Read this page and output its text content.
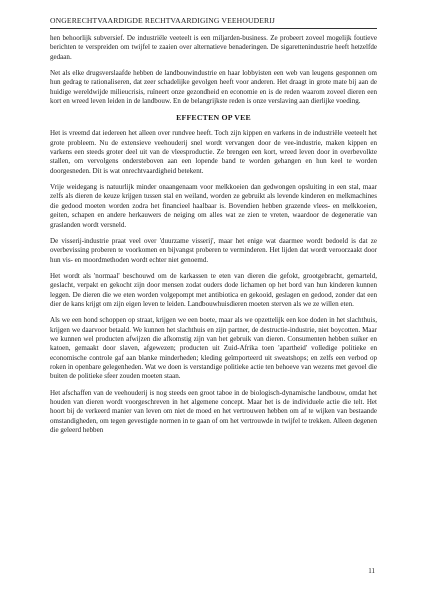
ONGERECHTVAARDIGDE RECHTVAARDIGING VEEHOUDERIJ

hen behoorlijk subversief. De industriële veeteelt is een miljarden-business. Ze probeert zoveel mogelijk foutieve berichten te verspreiden om twijfel te zaaien over alternatieve benaderingen. De sigarettenindustrie heeft hetzelfde gedaan.

Net als elke drugsverslaafde hebben de landbouwindustrie en haar lobbyisten een web van leugens gesponnen om hun gedrag te rationaliseren, dat zeer schadelijke gevolgen heeft voor anderen. Het draagt in grote mate bij aan de huidige wereldwijde milieucrisis, ruïneert onze gezondheid en economie en is de reden waarom zoveel dieren een kort en wreed leven leiden in de landbouw. En de belangrijkste reden is onze verslaving aan dierlijke voeding.

EFFECTEN OP VEE

Het is vreemd dat iedereen het alleen over rundvee heeft. Toch zijn kippen en varkens in de industriële veeteelt het grote probleem. Nu de extensieve veehouderij snel wordt vervangen door de vee-industrie, maken kippen en varkens een steeds groter deel uit van de vleesproductie. Ze brengen een kort, wreed leven door in overbevolkte stallen, om vervolgens ondersteboven aan een lopende band te worden gehangen en hun keel te worden doorgesneden. Dit is wat onrechtvaardigheid betekent.

Vrije weidegang is natuurlijk minder onaangenaam voor melkkoeien dan gedwongen opsluiting in een stal, maar zelfs als dieren de keuze krijgen tussen stal en weiland, worden ze gebruikt als levende kinderen en melkmachines die gedood moeten worden zodra het financieel haalbaar is. Bovendien hebben grazende vlees- en melkkoeien, geiten, schapen en andere herkauwers de neiging om alles wat ze zien te vreten, waardoor de degeneratie van graslanden wordt versneld.

De visserij-industrie praat veel over 'duurzame visserij', maar het enige wat daarmee wordt bedoeld is dat ze overbevissing proberen te voorkomen en bijvangst proberen te verminderen. Het lijden dat wordt veroorzaakt door hun vis- en moordmethoden wordt echter niet genoemd.

Het wordt als 'normaal' beschouwd om de karkassen te eten van dieren die gefokt, grootgebracht, gemarteld, geslacht, verpakt en gekocht zijn door mensen zodat ouders dode lichamen op het bord van hun kinderen kunnen leggen. De dieren die we eten worden volgepompt met antibiotica en gekooid, geslagen en gedood, zonder dat een dier de kans krijgt om zijn eigen leven te leiden. Landbouwhuisdieren moeten sterven als we ze willen eten.

Als we een hond schoppen op straat, krijgen we een boete, maar als we opzettelijk een koe doden in het slachthuis, krijgen we daarvoor betaald. We kunnen het slachthuis en zijn partner, de destructie-industrie, niet boycotten. Maar we kunnen wel producten afwijzen die afkomstig zijn van het gebruik van dieren. Consumenten hebben suiker en katoen, gemaakt door slaven, afgewezen; producten uit Zuid-Afrika toen 'apartheid' volledige politieke en economische controle gaf aan blanke minderheden; kleding geïmporteerd uit sweatshops; en zelfs een verbod op roken in openbare gelegenheden. Wat we doen is verstandige politieke actie ten behoeve van wezens met gevoel die buiten de politieke sfeer zouden moeten staan.

Het afschaffen van de veehouderij is nog steeds een groot taboe in de biologisch-dynamische landbouw, omdat het houden van dieren wordt voorgeschreven in het algemene concept. Maar het is de individuele actie die telt. Het hoort bij de verkeerd manier van leven om niet de moed en het vertrouwen hebben om af te wijken van bestaande omstandigheden, om tegen gevestigde normen in te gaan of om het vertrouwde in twijfel te trekken. Alleen degenen die geleerd hebben

11
